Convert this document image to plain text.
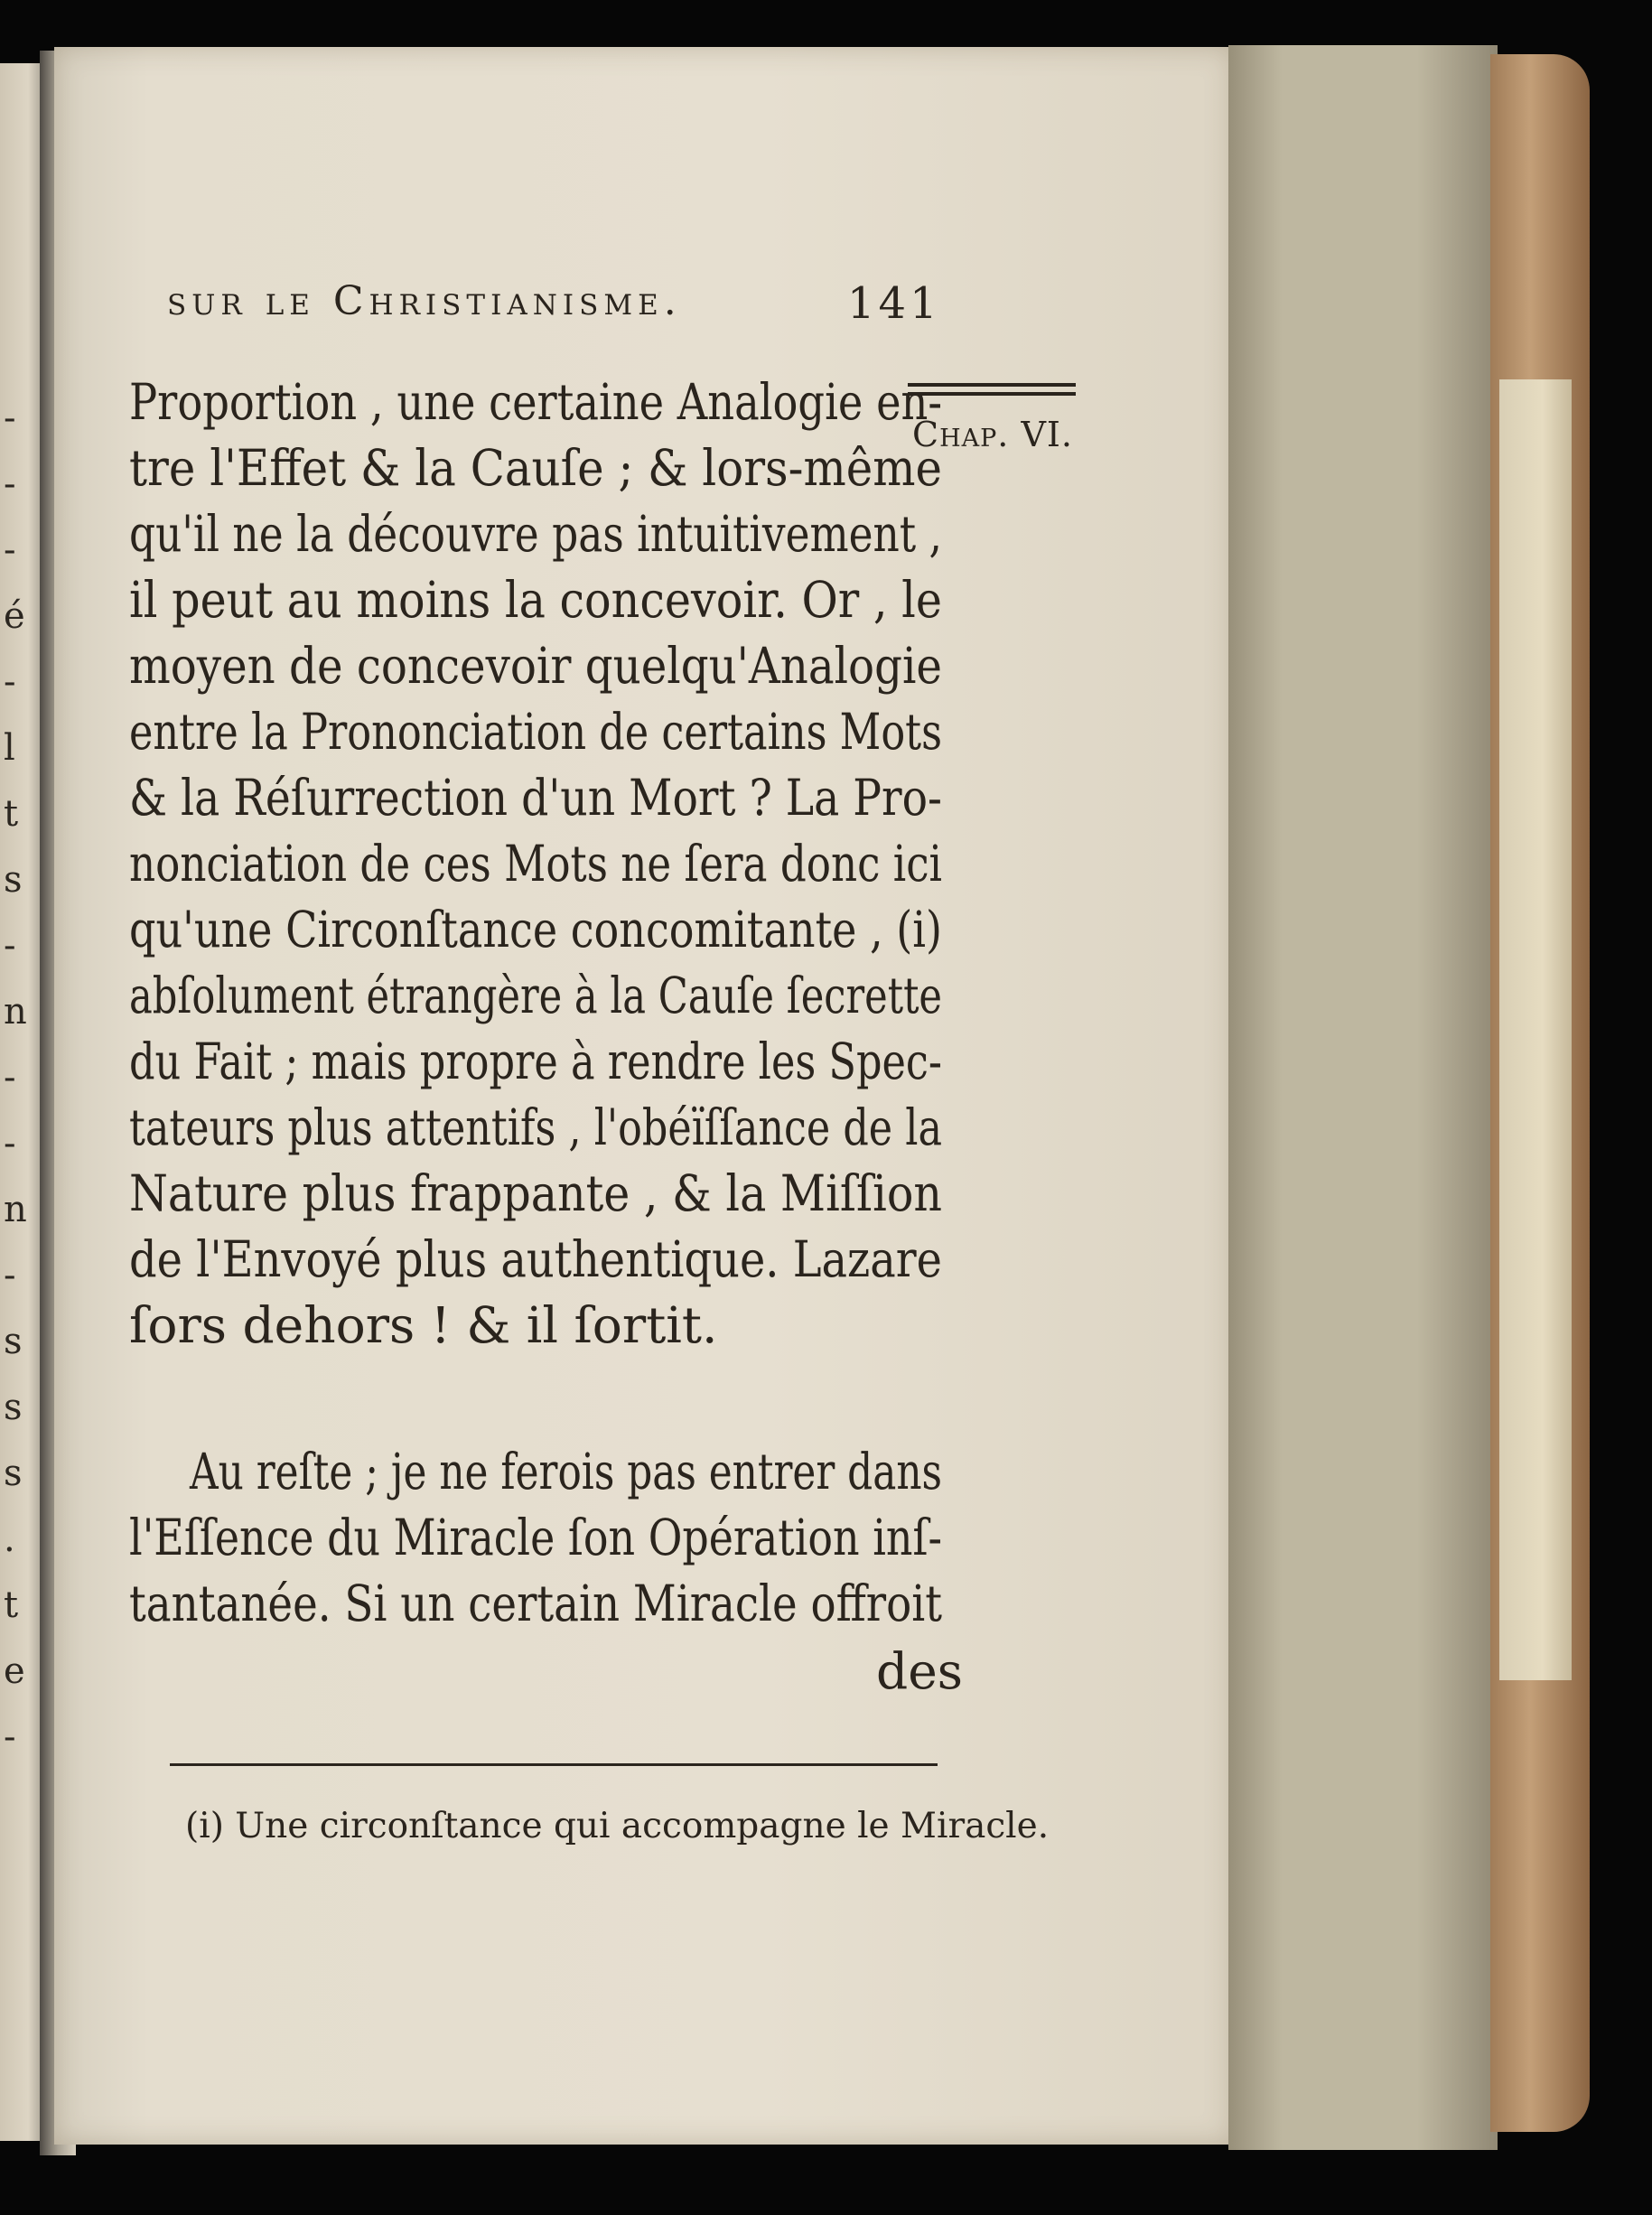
-
-
-
é
-
l
t
s
-
n
-
-
n
-
s
s
s
.
t
e
-
sur le Christianisme.	141
Chap. VI.
Proportion , une certaine Analogie en-
tre l'Effet & la Cauſe ; & lors-même
qu'il ne la découvre pas intuitivement ,
il peut au moins la concevoir. Or , le
moyen de concevoir quelqu'Analogie
entre la Prononciation de certains Mots
& la Réſurrection d'un Mort ? La Pro-
nonciation de ces Mots ne ſera donc ici
qu'une Circonſtance concomitante , (i)
abſolument étrangère à la Cauſe ſecrette
du Fait ; mais propre à rendre les Spec-
tateurs plus attentifs , l'obéïſſance de la
Nature plus frappante , & la Miſſion
de l'Envoyé plus authentique. Lazare
ſors dehors ! & il ſortit.
Au reſte ; je ne ferois pas entrer dans
l'Eſſence du Miracle ſon Opération inſ-
tantanée. Si un certain Miracle offroit
des
(i) Une circonſtance qui accompagne le Miracle.
